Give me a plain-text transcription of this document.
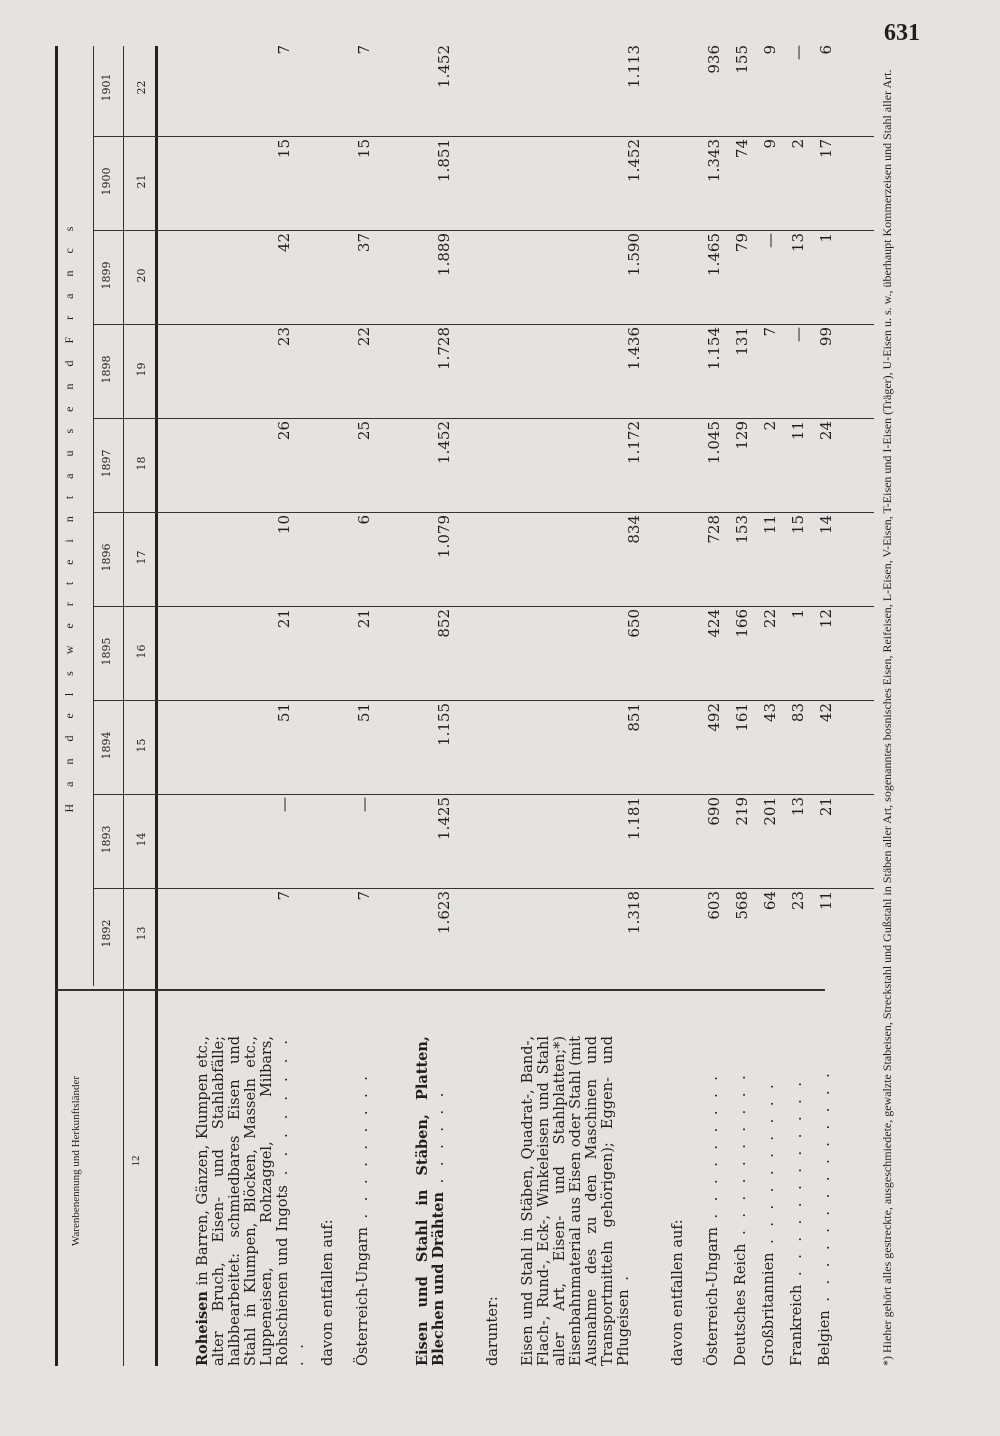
631
Warenbenennung und Herkunftsländer	12
H a n d e l s w e r t e i n t a u s e n d F r a n c s	*) Hieher gehört alles gestreckte, ausgeschmiedete, gewalzte Stabeisen, Streckstahl und Gußstahl in Stäben aller Art, sogenanntes bosnisches Eisen, Reifeisen, L-Eisen, V-Eisen, T-Eisen und I-Eisen (Träger), U-Eisen u. s. w., überhaupt Kommerzeisen und Stahl aller Art.
1892 13
1893 14
1894 15
1895 16
1896 17
1897 18
1898 19
1899 20
1900 21
1901 22
Roheisen in Barren, Gänzen, Klumpen etc., alter Bruch, Eisen- und Stahlabfälle; halbbearbeitet: schmiedbares Eisen und Stahl in Klumpen, Blöcken, Masseln etc., Luppeneisen, Rohzaggel, Milbars, Rohschienen und Ingots . . . . . . . . . .
7
—
51
21
10
26
23
42
15
7
davon entfallen auf: Österreich-Ungarn . . . . . . . . .
7
—
51
21
6
25
22
37
15
7
Eisen und Stahl in Stäben, Platten, Blechen und Drähten . . . . . .
1.623
1.425
1.155
852
1.079
1.452
1.728
1.889
1.851
1.452
darunter: Eisen und Stahl in Stäben, Quadrat-, Band-, Flach-, Rund-, Eck-, Winkeleisen und Stahl aller Art, Eisen- und Stahlplatten;*) Eisenbahnmaterial aus Eisen oder Stahl (mit Ausnahme des zu den Maschinen und Transportmitteln gehörigen); Eggen- und Pflugeisen .
1.318
1.181
851
650
834
1.172
1.436
1.590
1.452
1.113
davon entfallen auf: Österreich-Ungarn . . . . . . . . .
603
690
492
424
728
1.045
1.154
1.465
1.343
936
Deutsches Reich . . . . . . . . . .
568
219
161
166
153
129
131
79
74
155
Großbritannien . . . . . . . . . .
64
201
43
22
11
2
7
—
9
9
Frankreich . . . . . . . . . . . .
23
13
83
1
15
11
—
13
2
—
Belgien . . . . . . . . . . . . . .
11
21
42
12
14
24
99
1
17
6
